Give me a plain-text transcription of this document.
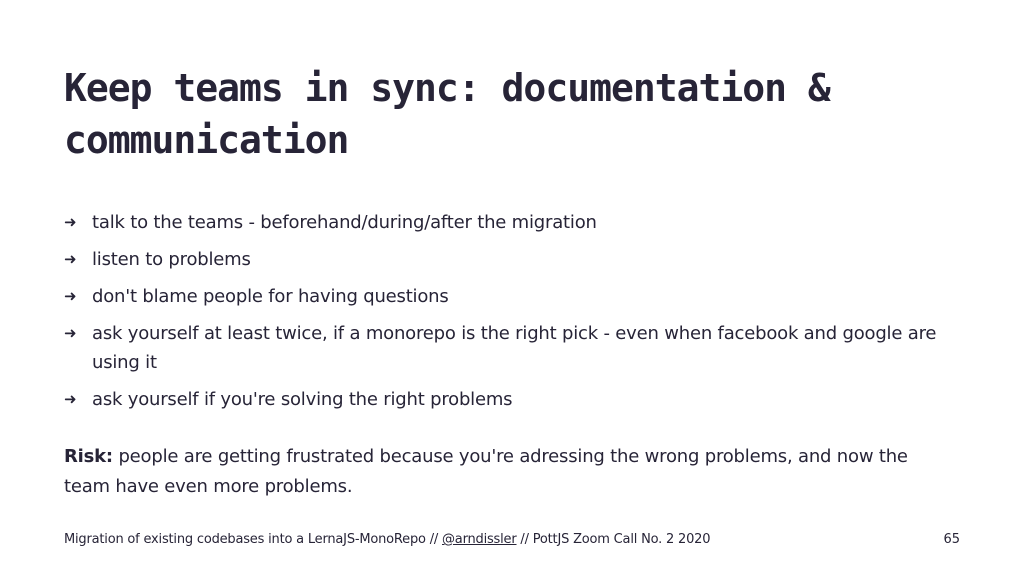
Keep teams in sync: documentation & communication
➜ talk to the teams - beforehand/during/after the migration
➜ listen to problems
➜ don't blame people for having questions
➜ ask yourself at least twice, if a monorepo is the right pick - even when facebook and google are using it
➜ ask yourself if you're solving the right problems

Risk: people are getting frustrated because you're adressing the wrong problems, and now the team have even more problems.

Migration of existing codebases into a LernaJS-MonoRepo // @arndissler // PottJS Zoom Call No. 2 2020	65
